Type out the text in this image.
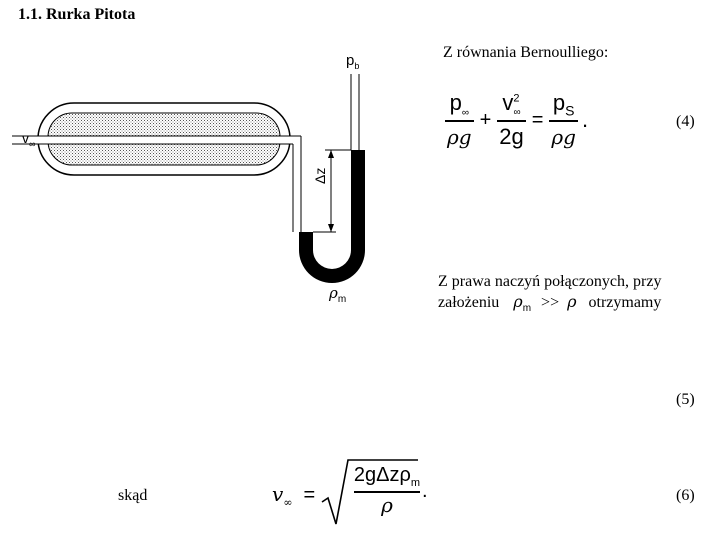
1.1. Rurka Pitota
$p_b$
$v_\infty$
Δz
$\rho_m$
Z równania Bernoulliego:
$\frac{p_\infty}{\rho g} + \frac{v^2_\infty}{2g} = \frac{p_S}{\rho g}$ .	(4)
Z prawa naczyń połączonych, przy
założeniu $\rho_m >> \rho$ otrzymamy
(5)
skąd	$v_\infty$ =
2gΔzρ$_m$
ρ
.	(6)
